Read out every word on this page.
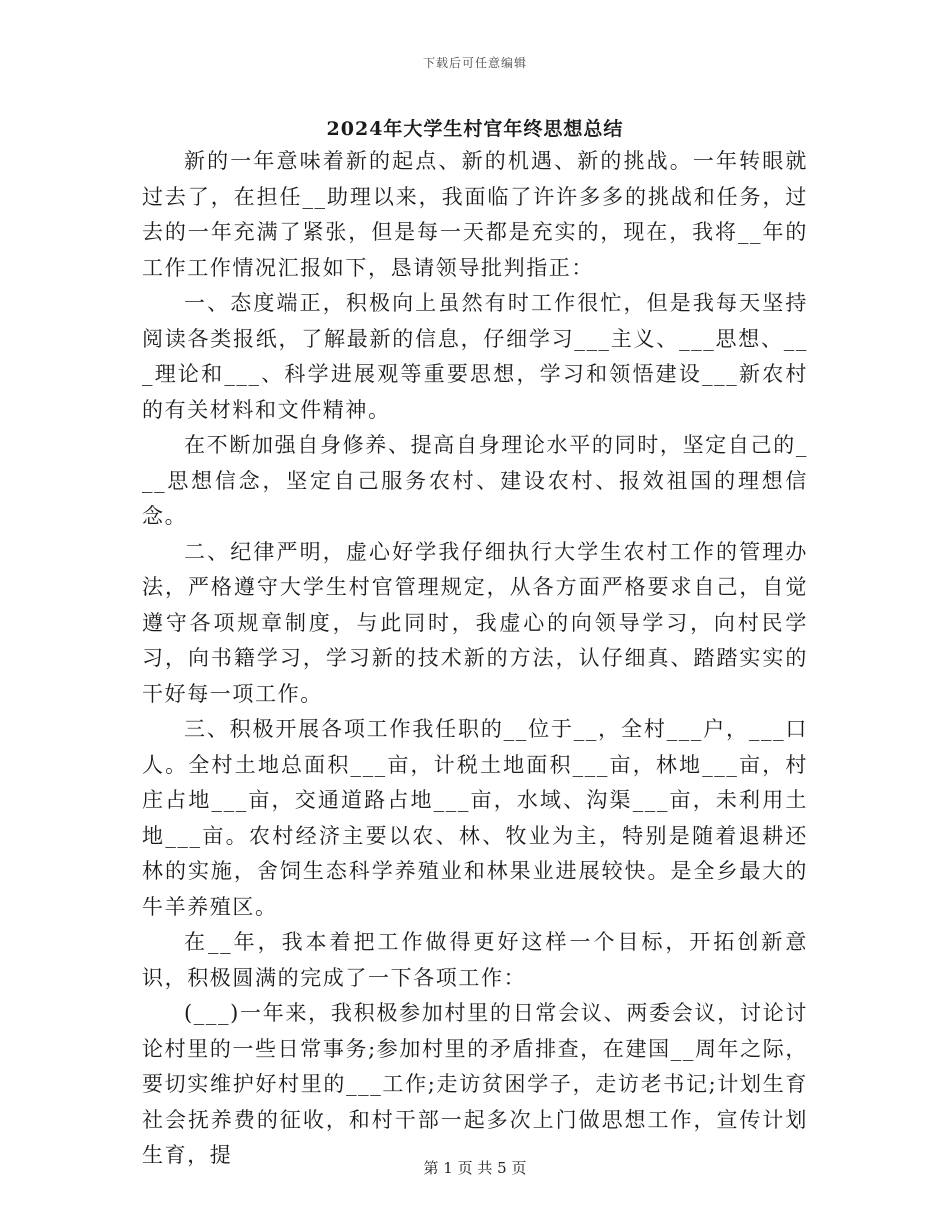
下载后可任意编辑
2024年大学生村官年终思想总结

新的一年意味着新的起点、新的机遇、新的挑战。一年转眼就过去了，在担任__助理以来，我面临了许许多多的挑战和任务，过去的一年充满了紧张，但是每一天都是充实的，现在，我将__年的工作工作情况汇报如下，恳请领导批判指正：

一、态度端正，积极向上虽然有时工作很忙，但是我每天坚持阅读各类报纸，了解最新的信息，仔细学习___主义、___思想、___理论和___、科学进展观等重要思想，学习和领悟建设___新农村的有关材料和文件精神。

在不断加强自身修养、提高自身理论水平的同时，坚定自己的___思想信念，坚定自己服务农村、建设农村、报效祖国的理想信念。

二、纪律严明，虚心好学我仔细执行大学生农村工作的管理办法，严格遵守大学生村官管理规定，从各方面严格要求自己，自觉遵守各项规章制度，与此同时，我虚心的向领导学习，向村民学习，向书籍学习，学习新的技术新的方法，认仔细真、踏踏实实的干好每一项工作。

三、积极开展各项工作我任职的__位于__，全村___户，___口人。全村土地总面积___亩，计税土地面积___亩，林地___亩，村庄占地___亩，交通道路占地___亩，水域、沟渠___亩，未利用土地___亩。农村经济主要以农、林、牧业为主，特别是随着退耕还林的实施，舍饲生态科学养殖业和林果业进展较快。是全乡最大的牛羊养殖区。

在__年，我本着把工作做得更好这样一个目标，开拓创新意识，积极圆满的完成了一下各项工作：

(___)一年来，我积极参加村里的日常会议、两委会议，讨论讨论村里的一些日常事务;参加村里的矛盾排查，在建国__周年之际，要切实维护好村里的___工作;走访贫困学子，走访老书记;计划生育社会抚养费的征收，和村干部一起多次上门做思想工作，宣传计划生育，提

第 1 页 共 5 页
